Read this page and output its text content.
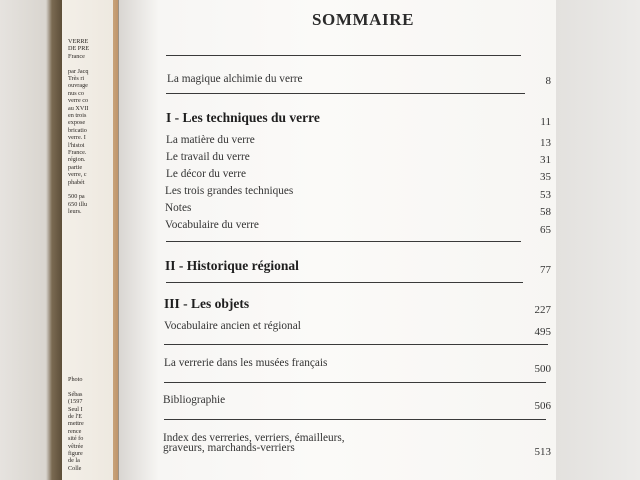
VERRE
DE PRE
France
par Jacq
Très ri
ouvrage
nus co
verre co
au XVII
en trois
expose
bricatio
verre. I
l'histoi
France.
région.
partie
verre, c
phabét
500 pa
650 illu
leurs.
Photo
Sébas
(1597
Seul I
de l'E
mettre
rence
sité fo
vêtrée
figure
de la
Colle
SOMMAIRE
La magique alchimie du verre	8
I - Les techniques du verre	11
La matière du verre	13
Le travail du verre	31
Le décor du verre	35
Les trois grandes techniques	53
Notes	58
Vocabulaire du verre	65
II - Historique régional	77
III - Les objets	227
Vocabulaire ancien et régional	495
La verrerie dans les musées français	500
Bibliographie	506
Index des verreries, verriers, émailleurs,
graveurs, marchands-verriers	513
